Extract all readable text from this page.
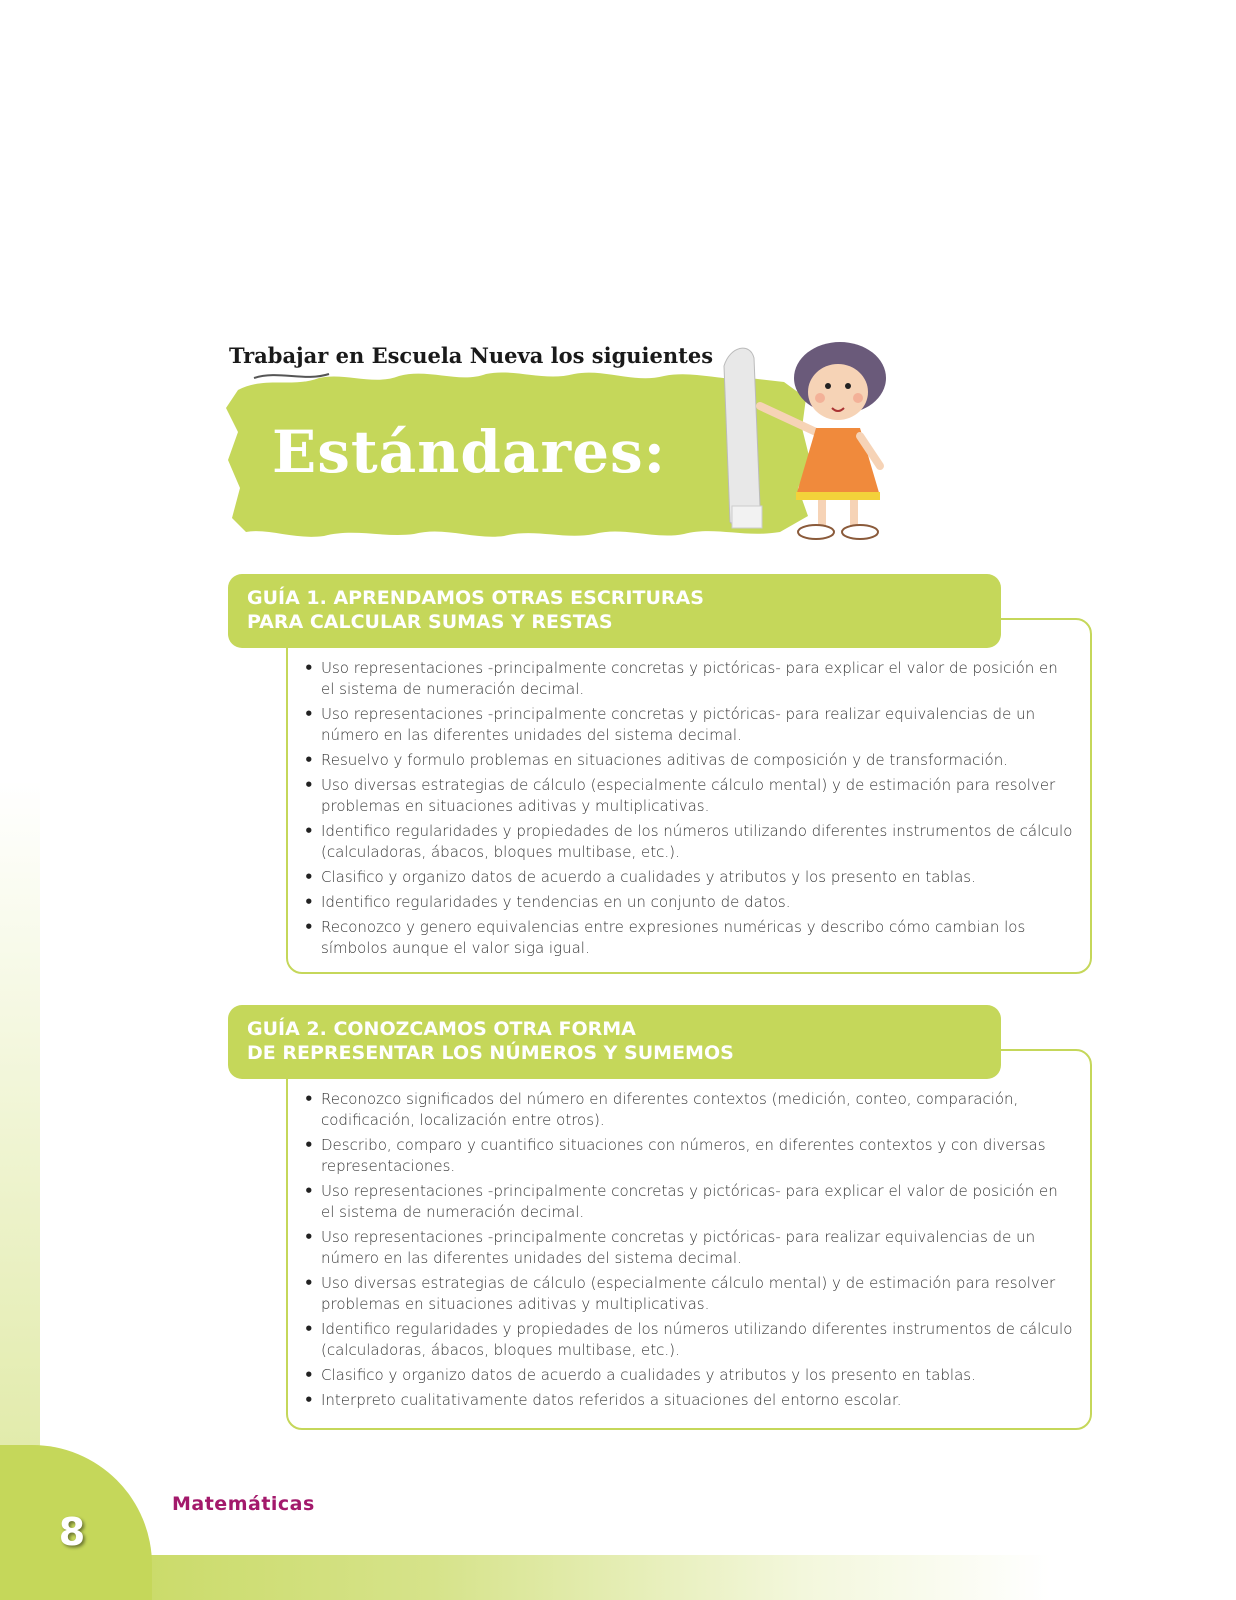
8
Matemáticas
Trabajar en Escuela Nueva los siguientes
Estándares:
GUÍA 1. APRENDAMOS OTRAS ESCRITURAS
PARA CALCULAR SUMAS Y RESTAS
• Uso representaciones -principalmente concretas y pictóricas- para explicar el valor de posición en el sistema de numeración decimal.
• Uso representaciones -principalmente concretas y pictóricas- para realizar equivalencias de un número en las diferentes unidades del sistema decimal.
• Resuelvo y formulo problemas en situaciones aditivas de composición y de transformación.
• Uso diversas estrategias de cálculo (especialmente cálculo mental) y de estimación para resolver problemas en situaciones aditivas y multiplicativas.
• Identifico regularidades y propiedades de los números utilizando diferentes instrumentos de cálculo (calculadoras, ábacos, bloques multibase, etc.).
• Clasifico y organizo datos de acuerdo a cualidades y atributos y los presento en tablas.
• Identifico regularidades y tendencias en un conjunto de datos.
• Reconozco y genero equivalencias entre expresiones numéricas y describo cómo cambian los símbolos aunque el valor siga igual.
GUÍA 2. CONOZCAMOS OTRA FORMA
DE REPRESENTAR LOS NÚMEROS Y SUMEMOS
• Reconozco significados del número en diferentes contextos (medición, conteo, comparación, codificación, localización entre otros).
• Describo, comparo y cuantifico situaciones con números, en diferentes contextos y con diversas representaciones.
• Uso representaciones -principalmente concretas y pictóricas- para explicar el valor de posición en el sistema de numeración decimal.
• Uso representaciones -principalmente concretas y pictóricas- para realizar equivalencias de un número en las diferentes unidades del sistema decimal.
• Uso diversas estrategias de cálculo (especialmente cálculo mental) y de estimación para resolver problemas en situaciones aditivas y multiplicativas.
• Identifico regularidades y propiedades de los números utilizando diferentes instrumentos de cálculo (calculadoras, ábacos, bloques multibase, etc.).
• Clasifico y organizo datos de acuerdo a cualidades y atributos y los presento en tablas.
• Interpreto cualitativamente datos referidos a situaciones del entorno escolar.
